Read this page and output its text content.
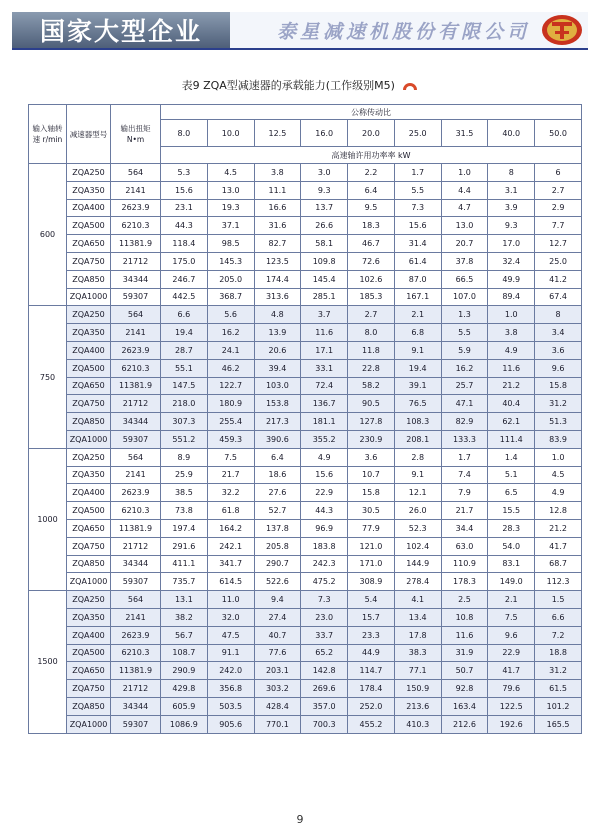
国家大型企业	泰星减速机股份有限公司
表9 ZQA型减速器的承载能力(工作级别M5)
输入轴转速 r/min	减速器型号	输出扭矩 N•m	公称传动比								
			8.0	10.0	12.5	16.0	20.0	25.0	31.5	40.0	50.0
			高速轴许用功率率 kW								
600	ZQA250	564	5.3	4.5	3.8	3.0	2.2	1.7	1.0	8	6
	ZQA350	2141	15.6	13.0	11.1	9.3	6.4	5.5	4.4	3.1	2.7
	ZQA400	2623.9	23.1	19.3	16.6	13.7	9.5	7.3	4.7	3.9	2.9
	ZQA500	6210.3	44.3	37.1	31.6	26.6	18.3	15.6	13.0	9.3	7.7
	ZQA650	11381.9	118.4	98.5	82.7	58.1	46.7	31.4	20.7	17.0	12.7
	ZQA750	21712	175.0	145.3	123.5	109.8	72.6	61.4	37.8	32.4	25.0
	ZQA850	34344	246.7	205.0	174.4	145.4	102.6	87.0	66.5	49.9	41.2
	ZQA1000	59307	442.5	368.7	313.6	285.1	185.3	167.1	107.0	89.4	67.4
750	ZQA250	564	6.6	5.6	4.8	3.7	2.7	2.1	1.3	1.0	8
	ZQA350	2141	19.4	16.2	13.9	11.6	8.0	6.8	5.5	3.8	3.4
	ZQA400	2623.9	28.7	24.1	20.6	17.1	11.8	9.1	5.9	4.9	3.6
	ZQA500	6210.3	55.1	46.2	39.4	33.1	22.8	19.4	16.2	11.6	9.6
	ZQA650	11381.9	147.5	122.7	103.0	72.4	58.2	39.1	25.7	21.2	15.8
	ZQA750	21712	218.0	180.9	153.8	136.7	90.5	76.5	47.1	40.4	31.2
	ZQA850	34344	307.3	255.4	217.3	181.1	127.8	108.3	82.9	62.1	51.3
	ZQA1000	59307	551.2	459.3	390.6	355.2	230.9	208.1	133.3	111.4	83.9
1000	ZQA250	564	8.9	7.5	6.4	4.9	3.6	2.8	1.7	1.4	1.0
	ZQA350	2141	25.9	21.7	18.6	15.6	10.7	9.1	7.4	5.1	4.5
	ZQA400	2623.9	38.5	32.2	27.6	22.9	15.8	12.1	7.9	6.5	4.9
	ZQA500	6210.3	73.8	61.8	52.7	44.3	30.5	26.0	21.7	15.5	12.8
	ZQA650	11381.9	197.4	164.2	137.8	96.9	77.9	52.3	34.4	28.3	21.2
	ZQA750	21712	291.6	242.1	205.8	183.8	121.0	102.4	63.0	54.0	41.7
	ZQA850	34344	411.1	341.7	290.7	242.3	171.0	144.9	110.9	83.1	68.7
	ZQA1000	59307	735.7	614.5	522.6	475.2	308.9	278.4	178.3	149.0	112.3
1500	ZQA250	564	13.1	11.0	9.4	7.3	5.4	4.1	2.5	2.1	1.5
	ZQA350	2141	38.2	32.0	27.4	23.0	15.7	13.4	10.8	7.5	6.6
	ZQA400	2623.9	56.7	47.5	40.7	33.7	23.3	17.8	11.6	9.6	7.2
	ZQA500	6210.3	108.7	91.1	77.6	65.2	44.9	38.3	31.9	22.9	18.8
	ZQA650	11381.9	290.9	242.0	203.1	142.8	114.7	77.1	50.7	41.7	31.2
	ZQA750	21712	429.8	356.8	303.2	269.6	178.4	150.9	92.8	79.6	61.5
	ZQA850	34344	605.9	503.5	428.4	357.0	252.0	213.6	163.4	122.5	101.2
	ZQA1000	59307	1086.9	905.6	770.1	700.3	455.2	410.3	212.6	192.6	165.5
9
